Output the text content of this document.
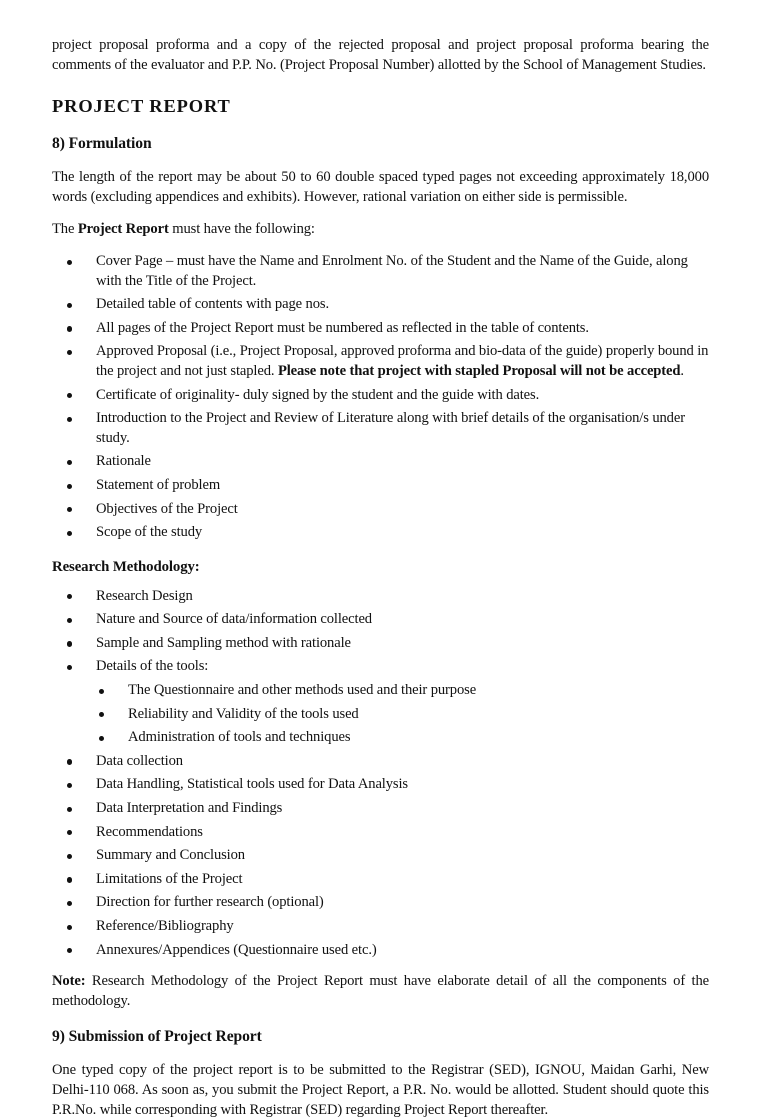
project proposal proforma and a copy of the rejected proposal and project proposal proforma bearing the comments of the evaluator and P.P. No. (Project Proposal Number) allotted by the School of Management Studies.

PROJECT REPORT
8) Formulation

The length of the report may be about 50 to 60 double spaced typed pages not exceeding approximately 18,000 words (excluding appendices and exhibits). However, rational variation on either side is permissible.

The Project Report must have the following:

Cover Page – must have the Name and Enrolment No. of the Student and the Name of the Guide, along with the Title of the Project.
Detailed table of contents with page nos.
All pages of the Project Report must be numbered as reflected in the table of contents.
Approved Proposal (i.e., Project Proposal, approved proforma and bio-data of the guide) properly bound in the project and not just stapled. Please note that project with stapled Proposal will not be accepted.
Certificate of originality- duly signed by the student and the guide with dates.
Introduction to the Project and Review of Literature along with brief details of the organisation/s under study.
Rationale
Statement of problem
Objectives of the Project
Scope of the study
Research Methodology:
Research Design
Nature and Source of data/information collected
Sample and Sampling method with rationale
Details of the tools:
The Questionnaire and other methods used and their purpose
Reliability and Validity of the tools used
Administration of tools and techniques
Data collection
Data Handling, Statistical tools used for Data Analysis
Data Interpretation and Findings
Recommendations
Summary and Conclusion
Limitations of the Project
Direction for further research (optional)
Reference/Bibliography
Annexures/Appendices (Questionnaire used etc.)

Note: Research Methodology of the Project Report must have elaborate detail of all the components of the methodology.

9) Submission of Project Report

One typed copy of the project report is to be submitted to the Registrar (SED), IGNOU, Maidan Garhi, New Delhi-110 068. As soon as, you submit the Project Report, a P.R. No. would be allotted. Student should quote this P.R.No. while corresponding with Registrar (SED) regarding Project Report thereafter.
